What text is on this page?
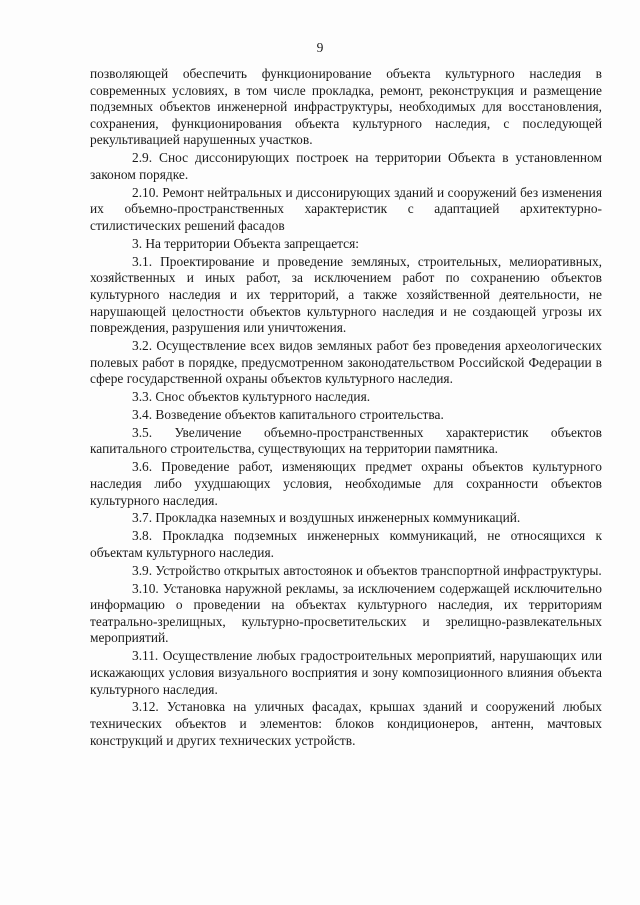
9

позволяющей обеспечить функционирование объекта культурного наследия в современных условиях, в том числе прокладка, ремонт, реконструкция и размещение подземных объектов инженерной инфраструктуры, необходимых для восстановления, сохранения, функционирования объекта культурного наследия, с последующей рекультивацией нарушенных участков.

2.9. Снос диссонирующих построек на территории Объекта в установленном законом порядке.

2.10. Ремонт нейтральных и диссонирующих зданий и сооружений без изменения их объемно-пространственных характеристик с адаптацией архитектурно-стилистических решений фасадов

3. На территории Объекта запрещается:

3.1. Проектирование и проведение земляных, строительных, мелиоративных, хозяйственных и иных работ, за исключением работ по сохранению объектов культурного наследия и их территорий, а также хозяйственной деятельности, не нарушающей целостности объектов культурного наследия и не создающей угрозы их повреждения, разрушения или уничтожения.

3.2. Осуществление всех видов земляных работ без проведения археологических полевых работ в порядке, предусмотренном законодательством Российской Федерации в сфере государственной охраны объектов культурного наследия.

3.3. Снос объектов культурного наследия.

3.4. Возведение объектов капитального строительства.

3.5. Увеличение объемно-пространственных характеристик объектов капитального строительства, существующих на территории памятника.

3.6. Проведение работ, изменяющих предмет охраны объектов культурного наследия либо ухудшающих условия, необходимые для сохранности объектов культурного наследия.

3.7. Прокладка наземных и воздушных инженерных коммуникаций.

3.8. Прокладка подземных инженерных коммуникаций, не относящихся к объектам культурного наследия.

3.9. Устройство открытых автостоянок и объектов транспортной инфраструктуры.

3.10. Установка наружной рекламы, за исключением содержащей исключительно информацию о проведении на объектах культурного наследия, их территориям театрально-зрелищных, культурно-просветительских и зрелищно-развлекательных мероприятий.

3.11. Осуществление любых градостроительных мероприятий, нарушающих или искажающих условия визуального восприятия и зону композиционного влияния объекта культурного наследия.

3.12. Установка на уличных фасадах, крышах зданий и сооружений любых технических объектов и элементов: блоков кондиционеров, антенн, мачтовых конструкций и других технических устройств.
